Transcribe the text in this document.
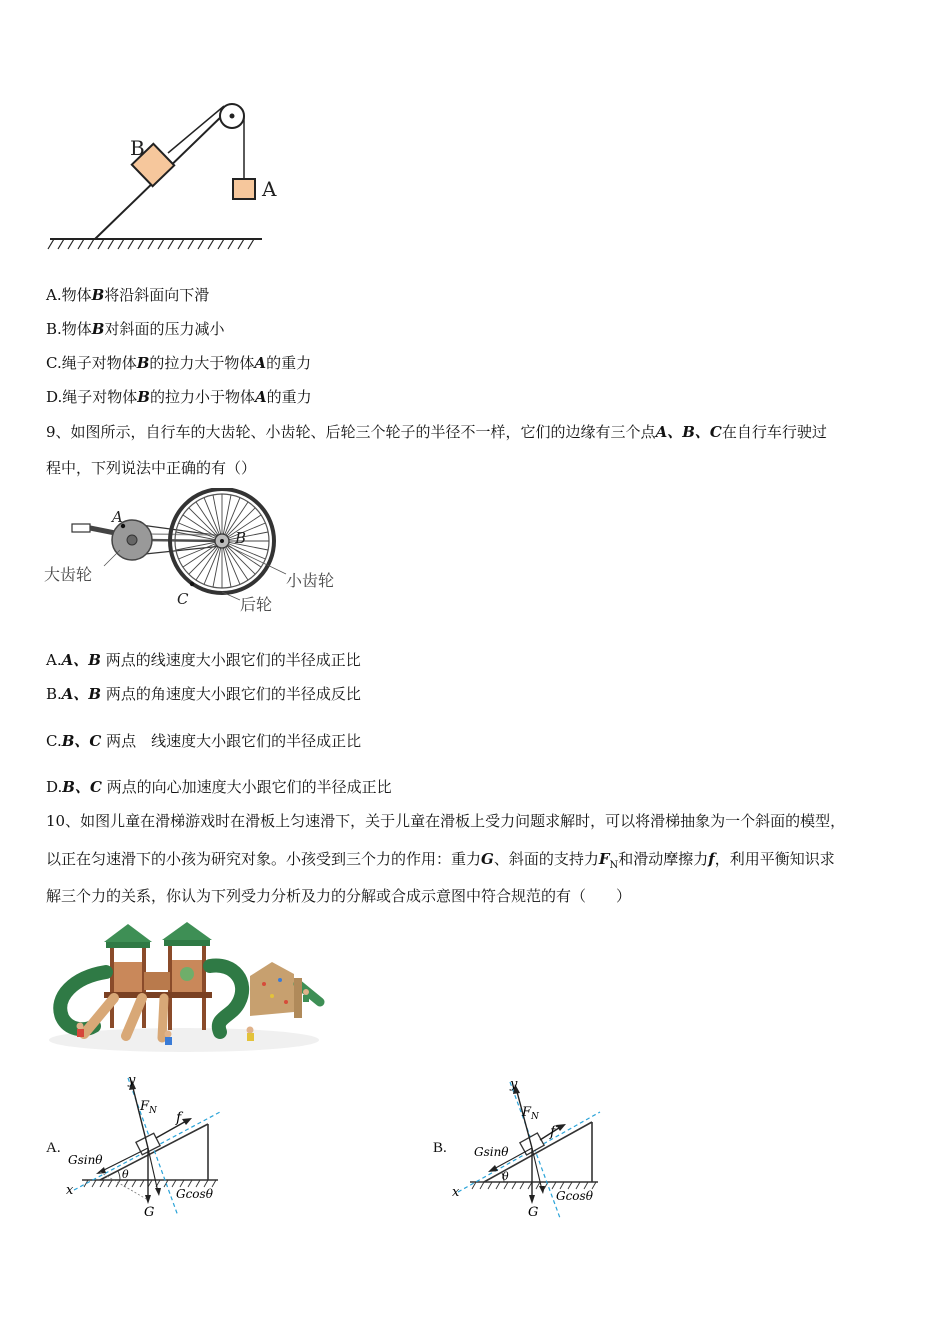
B
A
A.物体B将沿斜面向下滑
B.物体B对斜面的压力减小
C.绳子对物体B的拉力大于物体A的重力
D.绳子对物体B的拉力小于物体A的重力
9、如图所示，自行车的大齿轮、小齿轮、后轮三个轮子的半径不一样，它们的边缘有三个点A、B、C在自行车行驶过
程中，下列说法中正确的有（）
A
B
C
大齿轮	小齿轮
后轮
A.A、B 两点的线速度大小跟它们的半径成正比
B.A、B 两点的角速度大小跟它们的半径成反比
C.B、C 两点　线速度大小跟它们的半径成正比
D.B、C 两点的向心加速度大小跟它们的半径成正比
10、如图儿童在滑梯游戏时在滑板上匀速滑下，关于儿童在滑板上受力问题求解时，可以将滑梯抽象为一个斜面的模型，
以正在匀速滑下的小孩为研究对象。小孩受到三个力的作用：重力G、斜面的支持力$F_N$和滑动摩擦力f，利用平衡知识求
解三个力的关系，你认为下列受力分析及力的分解或合成示意图中符合规范的有（　　）
A.
y
$F_N$ f
Gsinθ
θ
x	Gcosθ
G
B.
y
$F_N$
f
Gsinθ
θ
x	Gcosθ
G
